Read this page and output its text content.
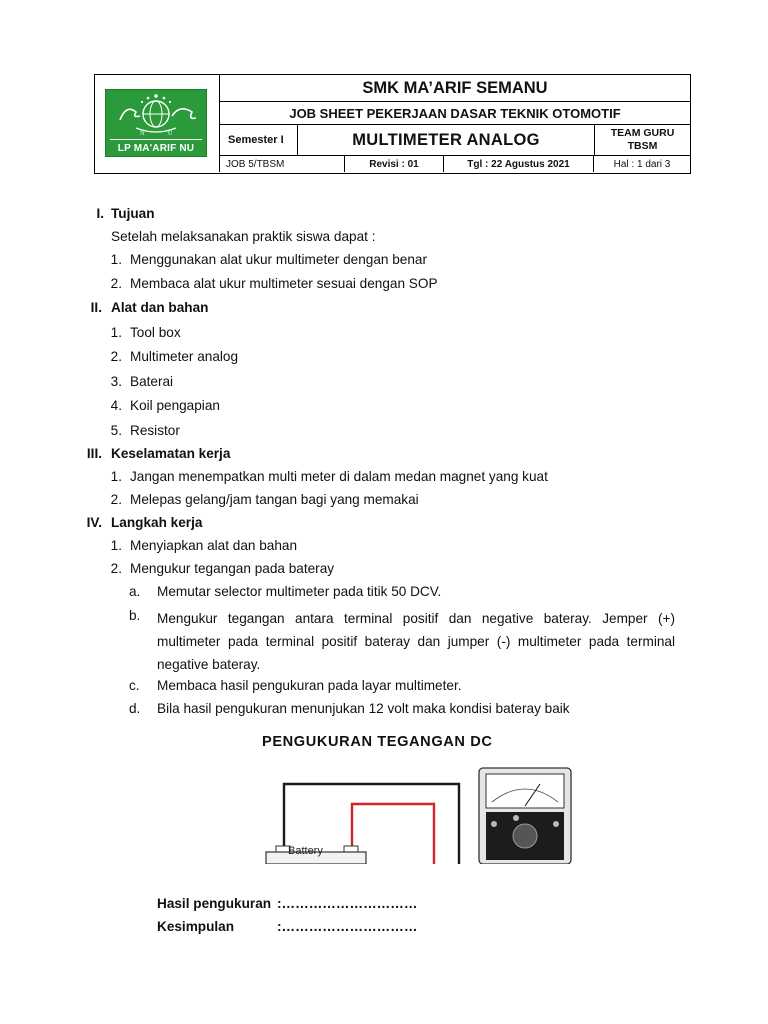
N	U
LP MA'ARIF NU
SMK MA’ARIF SEMANU
JOB SHEET PEKERJAAN DASAR TEKNIK OTOMOTIF
Semester I	MULTIMETER ANALOG	TEAM GURU
TBSM
JOB 5/TBSM	Revisi : 01	Tgl : 22 Agustus 2021	Hal : 1 dari 3
I. Tujuan
Setelah melaksanakan praktik siswa dapat :
1. Menggunakan alat ukur multimeter dengan benar
2. Membaca alat ukur multimeter sesuai dengan SOP
II. Alat dan bahan
1. Tool box
2. Multimeter analog
3. Baterai
4. Koil pengapian
5. Resistor
III. Keselamatan kerja
1. Jangan menempatkan multi meter di dalam medan magnet yang kuat
2. Melepas gelang/jam tangan bagi yang memakai
IV. Langkah kerja
1. Menyiapkan alat dan bahan
2. Mengukur tegangan pada bateray
a. Memutar selector multimeter pada titik 50 DCV.
b. Mengukur tegangan antara terminal positif dan negative bateray. Jemper (+) multimeter pada terminal positif bateray dan jumper (-) multimeter pada terminal negative bateray.
c. Membaca hasil pengukuran pada layar multimeter.
d. Bila hasil pengukuran menunjukan 12 volt maka kondisi bateray baik
PENGUKURAN TEGANGAN DC
Battery
Hasil pengukuran :…………………………
Kesimpulan	:…………………………
